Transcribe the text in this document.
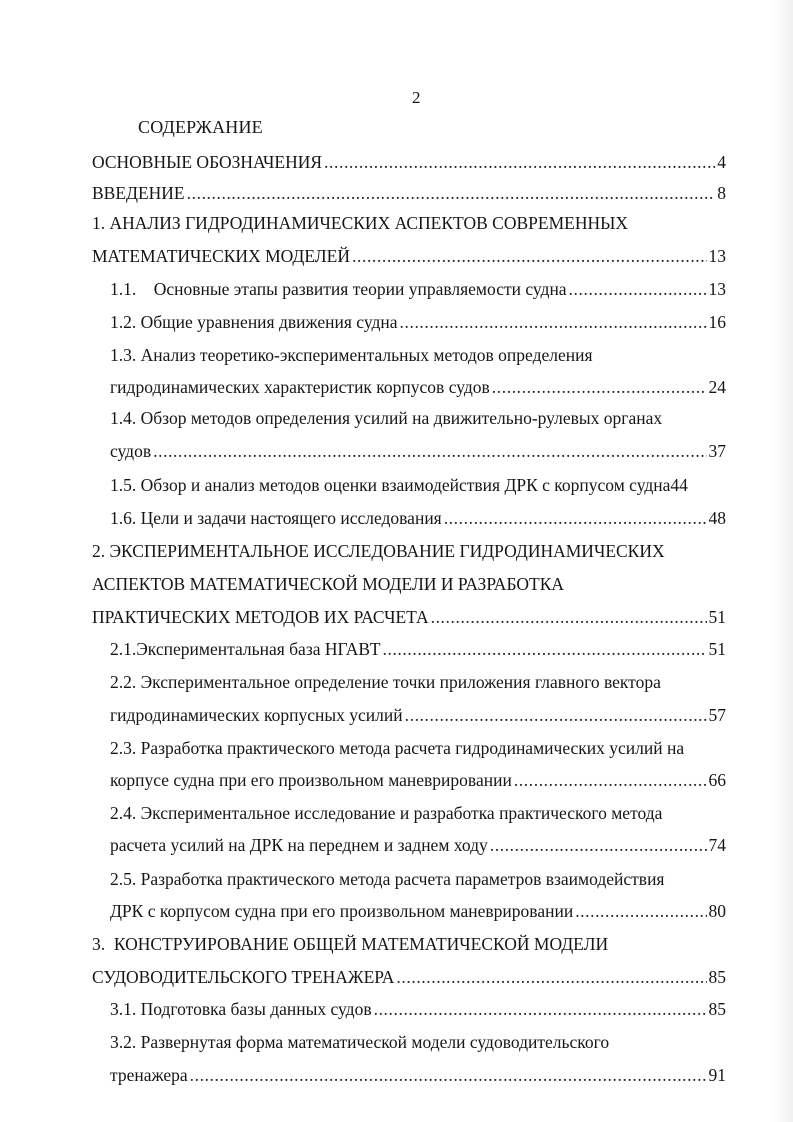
2
СОДЕРЖАНИЕ
ОСНОВНЫЕ ОБОЗНАЧЕНИЯ .....	4
ВВЕДЕНИЕ .....	8
1. АНАЛИЗ ГИДРОДИНАМИЧЕСКИХ АСПЕКТОВ СОВРЕМЕННЫХ
МАТЕМАТИЧЕСКИХ МОДЕЛЕЙ .....	13
1.1.    Основные этапы развития теории управляемости судна .....	13
1.2. Общие уравнения движения судна .....	16
1.3. Анализ теоретико-экспериментальных методов определения
гидродинамических характеристик корпусов судов .....	24
1.4. Обзор методов определения усилий на движительно-рулевых органах
судов .....	37
1.5. Обзор и анализ методов оценки взаимодействия ДРК с корпусом судна 44
1.6. Цели и задачи настоящего исследования .....	48
2. ЭКСПЕРИМЕНТАЛЬНОЕ ИССЛЕДОВАНИЕ ГИДРОДИНАМИЧЕСКИХ
АСПЕКТОВ МАТЕМАТИЧЕСКОЙ МОДЕЛИ И РАЗРАБОТКА
ПРАКТИЧЕСКИХ МЕТОДОВ ИХ РАСЧЕТА .....	51
2.1.Экспериментальная база НГАВТ .....	51
2.2. Экспериментальное определение точки приложения главного вектора
гидродинамических корпусных усилий .....	57
2.3. Разработка практического метода расчета гидродинамических усилий на
корпусе судна при его произвольном маневрировании .....	66
2.4. Экспериментальное исследование и разработка практического метода
расчета усилий на ДРК на переднем и заднем ходу .....	74
2.5. Разработка практического метода расчета параметров взаимодействия
ДРК с корпусом судна при его произвольном маневрировании .....	80
3.  КОНСТРУИРОВАНИЕ ОБЩЕЙ МАТЕМАТИЧЕСКОЙ МОДЕЛИ
СУДОВОДИТЕЛЬСКОГО ТРЕНАЖЕРА .....	85
3.1. Подготовка базы данных судов .....	85
3.2. Развернутая форма математической модели судоводительского
тренажера .....	91
